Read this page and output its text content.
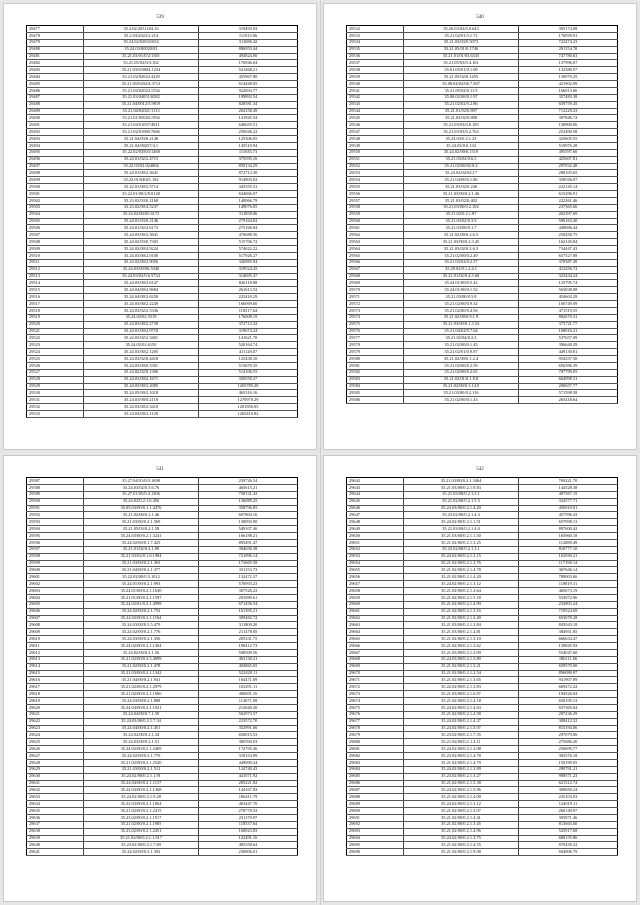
539
29477	35.2.02/2031184.16	319493.03
29478	35.2.03/2022/2.214	111913.06
29479	35.24.02/02033/654	311686.42
29480	35.24.03/00020/81	886953.44
29481	35.21.03/01/0/2/1301	494824.00
29482	35.21.05/02/0/3.162	176946.04
29483	35.21.03/0/0004.1234	541468.21
29484	35.21.02/02024.4229	455967.80
29485	35.21.05/0202/4.3712	614448.05
29486	35.21.04/02024.1534	922694.77
29487	35.21.03/04051/6582	109892.54
29488	35.21.04/0012/5.9819	828581.34
29489	35.21.04/02041/1113	204158.49
29490	35.21.01/05020.1954	141945.54
29491	35.21.04/01057/4811	646655.51
29492	35.21.02/01069.7666	250046.22
29493	35.21.04/03/0.2148	125306.05
29494	35.21.04/00257/4.1	145510.94
29495	35.22.02/03503/1468	111635.73
29496	35.24.01/02/2.4715	375595.16
29497	35.22.03/02.024804	850134.29
29498	35.24.01/00/2.3641	872712.30
29499	35.22.01/04021.182	914803.02
29500	35.22.01/00/2.5714	345555.31
29501	35.22.01/00/2/8.8128	634066.07
29502	35.23.02/03/0.2168	140066.79
29503	35.23.02/00/4.5237	149076.05
29504	35.24.02/00/05.6172	311858.06
29505	35.24.01/03/0.2146	279164.02
29506	35.24.01/02/2.6173	275166.84
29507	35.24.03/00/2.5641	476688.56
29508	35.24.02/03/0.7303	515706.72
29509	35.24.02/00/4.9224	574622.22
29510	35.24.03/00/2.0100	517926.27
29511	35.24.02/00/2.9056	326985.94
29512	35.24.03/00/06.5346	319524.45
29513	35.24.03/02/0.6.5734	314695.47
29514	35.24.03/00/2.6147	826118.08
29515	35.24.04/00/2.9684	261613.52
29516	35.24.04/00/2.6258	225410.29
29517	35.24.03/00/2.2249	166069.60
29518	35.24.03/02/2.5336	118317.64
29519	35.24.02/02.5519	176008.19
29520	35.24.03/00/2.2739	372713.32
29521	35.24.01/00/2.9718	319674.24
29522	35.24.03/02/2.3401	141621.70
29523	35.24.02/02.6150	520164.74
29524	35.24.03/00/2.1205	411128.07
29525	35.24.03/02/0.4418	125438.10
29526	35.24.03/00/0.5301	513670.35
29527	35.24.02/02/0.1306	514106.55
29528	35.24.03/00/2.1671	350550.27
29529	35.24.03/00/2.2085	1265785.28
29530	35.24.05/00/2.1018	465316.16
29531	35.24.03/00/0.2118	1270970.29
29532	35.24.03/00/2.3410	1201856.05
29533	35.24.04/00/2.1120	1265410.82
540
29532	35.26.03/02/0.0.643	305174.08
29533	35.21.02/01/3.1.72	176959.91
29534	35.21.03/03/0.5073	722474.23
29535	35.21.05/01/0.1746	291154.70
29536	35.21.01/01/03.6335	747780.63
29537	35.21.05/03/0.4.161	137996.07
29538	35.01.05/01/0.1.69	132380.07
29539	35.21.05/02/0.1455	150079.25
29540	35.08.04/02/06.7.587	421902.09
29541	35.21.05/02/0.11.9	166013.66
29542	35.08.02/00/0.1.97	357483.38
29543	35.21.02/02/0.2.86	659759.45
29544	35.21.01/02/0.897	712229.23
29545	35.21.02/02/0.888	397846.72
29546	35.21.03/03/0.8.185	158900.06
29547	35.21.03/03/0.2.763	252490.58
29548	35.24.03/0.2.1.23	323605.55
29549	35.24.03/0.6.134	510976.28
29550	35.24.02/00/0.1519	495597.60
29551	35.21.03/02/0.6.5	425607.81
29552	35.21.02/00/02.8.4	297032.48
29553	35.24.02/02/02.17	288105.65
29554	35.21.04/00/0.1.86	358556.07
29555	35.21.03/02/0.246	222145.14
29556	35.21.03/00/0.2.1.46	615296.91
29557	35.21.03/02/0.402	222261.46
29558	35.21.03/00/0.2.102	237365.66
29559	35.21.02/0.2.1.87	262397.69
29560	35.21.03/02/0.3.9	596163.40
29561	35.21.03/00/0.1.7	448696.44
29562	35.21.02/00/0.2.6.5	250450.75
29563	35.21.03/00/0.2.3.45	162145.84
29564	35.21.03/02/0.2.6.3	734447.43
29565	35.21.02/00/0.2.49	657527.08
29566	35.21.03/02/0.2.57	378387.49
29567	35.29.02/0.1.2.4.1	412256.72
29568	35.21.01/02/0.4.5.68	323434.24
29569	35.24.01/00/0.5.42	125795.74
29570	35.24.01/00/0.1.52	565838.08
29571	35.21.03/00/0.5.8	454602.29
29572	35.21.02/00/0.9.32	160749.09
29573	35.21.02/00/0.4.94	471519.55
29574	35.21.02/00/0.9.1.9	882670.31
29575	35.21.03/00/0.1.3.54	375721.77
29576	35.21.04/02/0.7.64	168016.21
29577	35.21.02/04/0.2.3	537657.09
29578	35.21.02/00/0.1.45	396640.29
29579	35.21.02/01/0.9.87	449130.81
29580	35.21.02/00/0.1.2.4	954337.50
29581	35.21.02/00/0.2.59	656396.39
29582	35.21.02/00/0.2.65	787799.05
29583	35.21.02/01/0.1.8.8	664998.31
29584	35.21.02/00/0.3.14.9	200657.77
29585	35.21.03/00/0.2.116	571598.58
29586	35.21.02/00/0.1.43	265418.64
541
29587	35.27.04/01/0/3.1698	239726.54
29588	35.24.03/02/0.5.6.76	465615.21
29589	35.27.01/05/0.4.1306	750131.42
29590	35.24.02/0.2.1.6.456	136089.25
29591	35.05.03/00/0.1.1.4476	358796.85
29592	35.21.02/00/0.2.1.46	607804.16
29593	35.21.03/00/0.2.1.569	130093.90
29594	35.21.05/03/0.2.1.58	549107.46
29595	35.24.03/00/0.2.1.3241	166188.21
29596	35.24.02/00/0.1.7.425	895491.47
29597	35.21.01/02/0.2.1.89	394630.38
29598	35.21.03/02/0.1.6.1984	721096.14
29599	35.21.03/00/0.2.1.363	172665.58
29600	35.21.04/00/0.2.1.377	331153.73
29601	35.22.02/00/0.5.1012	132472.37
29602	35.24.01/00/0.2.1.993	576993.23
29603	35.24.01/00/0.2.1.1630	307526.22
29604	35.21.01/00/0.2.1.1597	291089.61
29605	35.24.02/01/0.2.1.4998	671456.54
29606	35.24.02/00/0.2.1.752	161395.21
29607	35.24.02/00/0.2.1.1164	309482.72
29608	35.24.03/00/0.5.5.479	311800.20
29609	35.24.02/00/0.2.1.776	211478.05
29610	35.24.03/00/0.2.1.356	205331.75
29611	35.24.02/00/0.2.1.1364	190412.73
29612	35.24.02/00/0.2.1.56	508509.56
29613	35.21.02/00/0.3.5.4999	403130.21
29614	35.21.02/00/0.2.1.478	404865.65
29615	35.21.03/00/0.2.1.1342	522420.11
29616	35.21.04/00/0.2.1.941	164471.69
29617	35.21.02/00/0.2.1.2979	163291.11
29618	35.21.02/00/0.2.1.1966	496691.16
29619	35.24.03/00/0.2.1.888	112671.69
29620	35.24.04/00/0.2.1.1921	212640.20
29621	35.24.04/00/0.7.1.59	562973.57
29622	35.24.03/00/0.2.1.7.34	223572.70
29623	35.24.04/00/0.2.1.451	352991.66
29624	35.24.02/00/0.2.1.34	650015.53
29625	35.24.03/00/0.2.1.51	385594.03
29626	35.24.02/00/0.2.1.2469	172795.36
29627	35.24.02/00/0.2.1.770	318154.99
29628	35.21.02/00/0.2.1.2520	449690.24
29629	35.21.03/00/0.2.1.512	124740.43
29630	35.24.02/00/0.2.1.1.91	441071.92
29631	35.24.04/00/0.2.1.1157	285221.82
29632	35.24.03/00/0.2.1.1368	144167.82
29633	35.24.02/00/0.2.1.9.28	186411.79
29634	35.22.03/00/0.2.1.1864	403447.70
29635	35.21.02/00/0.2.1.2415	278778.52
29636	35.23.02/00/0.2.1.1917	231170.97
29637	35.21.02/00/0.2.1.1985	118537.64
29638	35.23.02/00/0.2.1.2451	160023.83
29639	35.21.02/00/0.2.1.1.917	122491.16
29640	35.23.02/00/0.2.1.7.69	485558.64
29641	35.24.02/00/0.2.1.392	230806.01
542
29642	35.21.03/00/0.2.1.3464	769221.70
29643	35.21.03/00/0.2.1.9.83	144528.38
29644	35.21.03/00/0.2.1.3.1	407567.19
29645	35.21.02/00/0.2.1.5.5	332577.71
29646	35.24.03/00/0.2.1.4.20	456910.01
29647	35.23.02/00/0.2.1.4.3	457596.43
29648	35.24.02/00/0.2.1.1.51	657098.13
29649	35.21.03/00/0.2.1.4.0	897600.42
29650	35.21.03/00/0.2.1.1.50	165960.18
29651	35.21.02/00/0.2.1.3.25	112089.49
29652	35.23.02/00/0.2.1.3.1	810777.10
29653	35.24.02/00/0.2.1.3.15	162930.21
29654	35.21.02/00/0.2.1.3.76	117190.14
29655	35.21.02/00/0.2.1.4.78	367646.14
29656	35.21.02/00/0.2.1.4.20	789003.66
29657	35.24.02/00/0.2.1.3.12	118819.31
29658	35.21.02/00/0.2.1.3.64	465673.19
29659	35.21.02/00/0.2.1.5.18	554972.96
29660	35.21.02/00/0.2.1.4.99	234903.24
29661	35.21.02/00/0.2.1.3.16	719524.69
29662	35.21.02/00/0.2.1.3.40	653678.28
29663	35.21.03/00/0.2.1.3.84	845043.18
29664	35.21.03/00/0.2.1.4.81	384951.85
29665	35.21.02/00/0.2.1.3.10	666634.47
29666	35.21.02/00/0.2.1.3.62	139845.92
29667	35.21.03/00/0.2.1.3.09	554047.60
29668	35.24.03/00/0.2.1.3.89	186111.66
29669	35.21.02/00/0.2.1.3.21	659579.00
29670	35.21.02/00/0.2.1.2.54	896080.97
29671	35.21.02/00/0.2.1.3.65	931907.09
29672	35.22.02/00/0.2.1.3.83	669472.22
29673	35.21.03/00/0.2.1.6.07	184526.04
29674	35.21.02/00/0.2.1.4.18	650195.13
29675	35.24.02/00/0.2.1.4.63	657365.04
29676	35.21.02/00/0.2.1.4.58	287236.29
29677	35.24.02/00/0.2.1.4.37	308412.52
29678	35.24.02/00/0.2.1.5.07	815194.06
29679	35.23.02/00/0.2.1.7.35	297079.06
29680	35.21.02/00/0.2.1.4.11	275686.20
29681	35.24.02/00/0.2.1.3.08	256695.77
29682	35.23.02/00/0.2.1.4.78	383576.18
29683	35.21.02/00/0.2.1.4.79	150199.05
29684	35.24.02/00/0.2.1.3.89	290791.21
29685	35.23.02/00/0.2.1.3.27	908571.23
29686	35.21.02/00/0.2.1.5.38	621312.74
29687	35.24.02/00/0.2.1.5.96	369650.24
29688	35.21.02/00/0.2.1.4.00	225103.03
29689	35.24.02/00/0.2.1.3.12	124019.11
29690	35.21.02/00/0.2.1.3.07	260149.97
29691	35.21.02/00/0.2.1.4.41	395871.46
29692	35.21.02/00/0.2.1.3.45	813665.60
29693	35.21.02/00/0.2.1.4.96	525917.68
29694	35.24.02/00/0.2.1.3.75	680155.86
29695	35.21.02/00/0.2.1.4.55	870439.22
29696	35.21.02/00/0.2.1.9.08	604906.79
